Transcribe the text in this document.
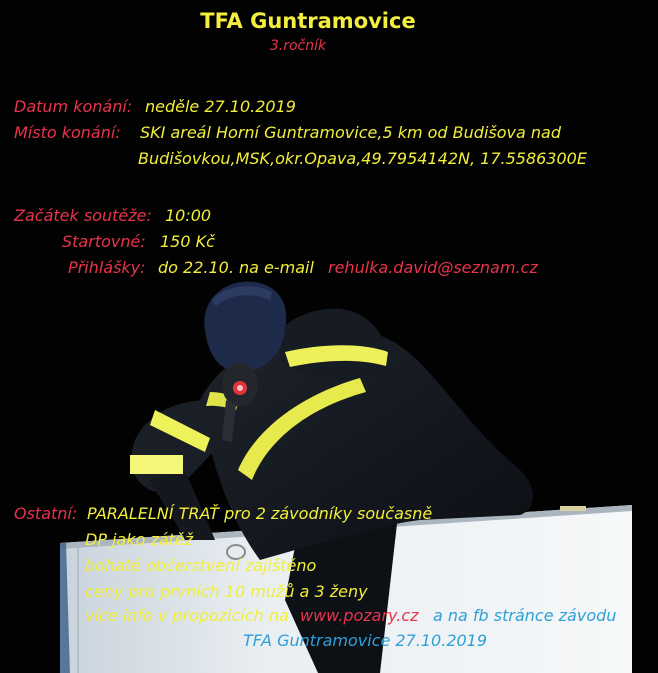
TFA Guntramovice
3.ročník
Datum konání: neděle 27.10.2019
Místo konání: SKI areál Horní Guntramovice,5 km od Budišova nad
Budišovkou,MSK,okr.Opava,49.7954142N, 17.5586300E
Začátek soutěže: 10:00
Startovné: 150 Kč
Přihlášky: do 22.10. na e-mail rehulka.david@seznam.cz
Ostatní: PARALELNÍ TRAŤ pro 2 závodníky současně
DP jako zátěž
bohaté občerstvení zajištěno
ceny pro prvních 10 mužů a 3 ženy
více info v propozicích na www.pozary.cz a na fb stránce závodu
TFA Guntramovice 27.10.2019
